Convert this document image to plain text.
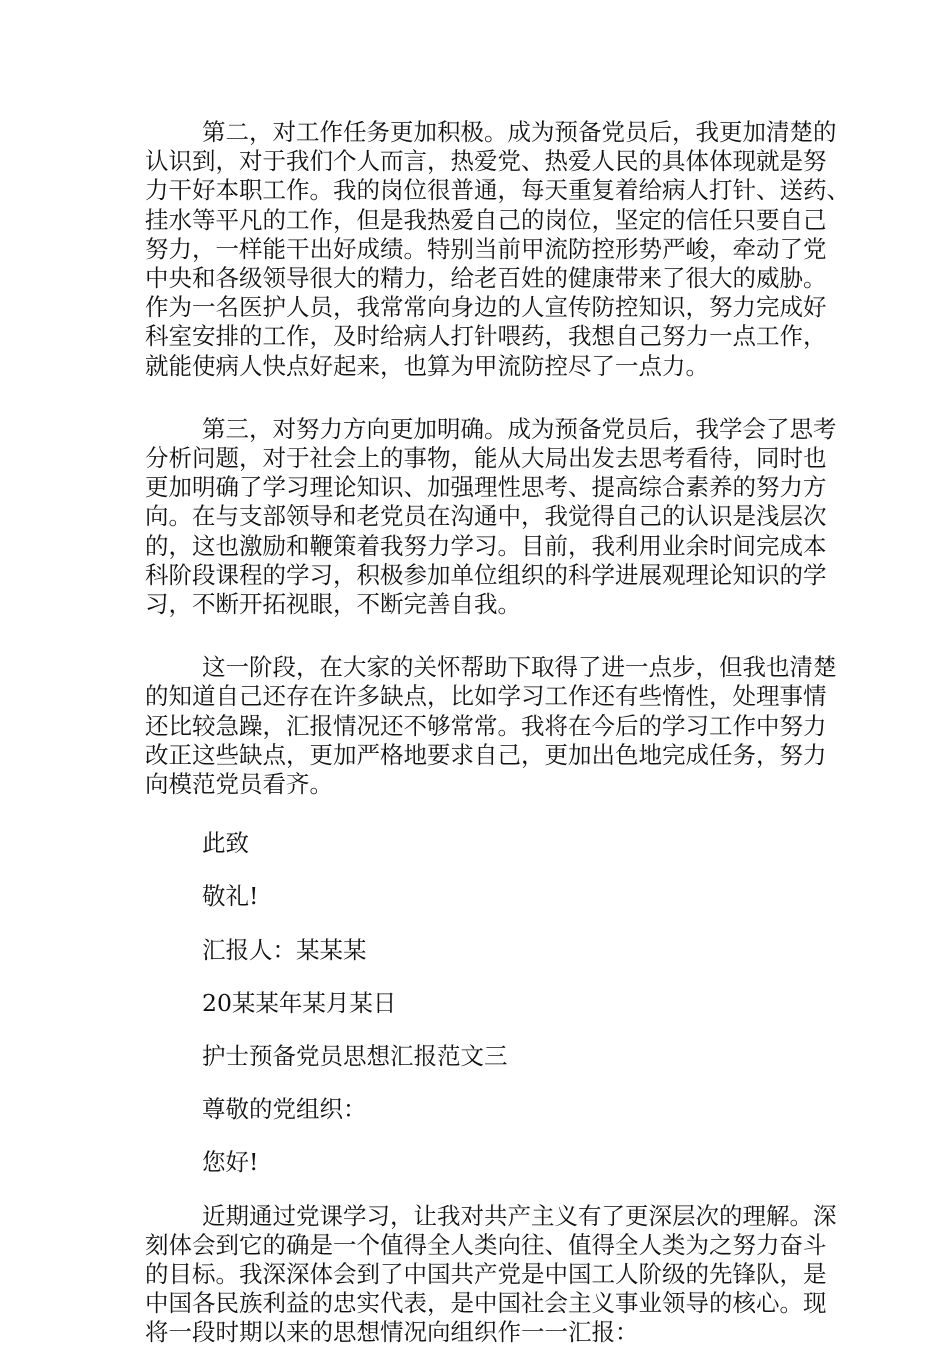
第二，对工作任务更加积极。成为预备党员后，我更加清楚的
认识到，对于我们个人而言，热爱党、热爱人民的具体体现就是努
力干好本职工作。我的岗位很普通，每天重复着给病人打针、送药、
挂水等平凡的工作，但是我热爱自己的岗位，坚定的信任只要自己
努力，一样能干出好成绩。特别当前甲流防控形势严峻，牵动了党
中央和各级领导很大的精力，给老百姓的健康带来了很大的威胁。
作为一名医护人员，我常常向身边的人宣传防控知识，努力完成好
科室安排的工作，及时给病人打针喂药，我想自己努力一点工作，
就能使病人快点好起来，也算为甲流防控尽了一点力。
第三，对努力方向更加明确。成为预备党员后，我学会了思考
分析问题，对于社会上的事物，能从大局出发去思考看待，同时也
更加明确了学习理论知识、加强理性思考、提高综合素养的努力方
向。在与支部领导和老党员在沟通中，我觉得自己的认识是浅层次
的，这也激励和鞭策着我努力学习。目前，我利用业余时间完成本
科阶段课程的学习，积极参加单位组织的科学进展观理论知识的学
习，不断开拓视眼，不断完善自我。
这一阶段，在大家的关怀帮助下取得了进一点步，但我也清楚
的知道自己还存在许多缺点，比如学习工作还有些惰性，处理事情
还比较急躁，汇报情况还不够常常。我将在今后的学习工作中努力
改正这些缺点，更加严格地要求自己，更加出色地完成任务，努力
向模范党员看齐。

此致

敬礼!

汇报人：某某某

20某某年某月某日

护士预备党员思想汇报范文三

尊敬的党组织：

您好!

近期通过党课学习，让我对共产主义有了更深层次的理解。深
刻体会到它的确是一个值得全人类向往、值得全人类为之努力奋斗
的目标。我深深体会到了中国共产党是中国工人阶级的先锋队，是
中国各民族利益的忠实代表，是中国社会主义事业领导的核心。现
将一段时期以来的思想情况向组织作一一汇报：
